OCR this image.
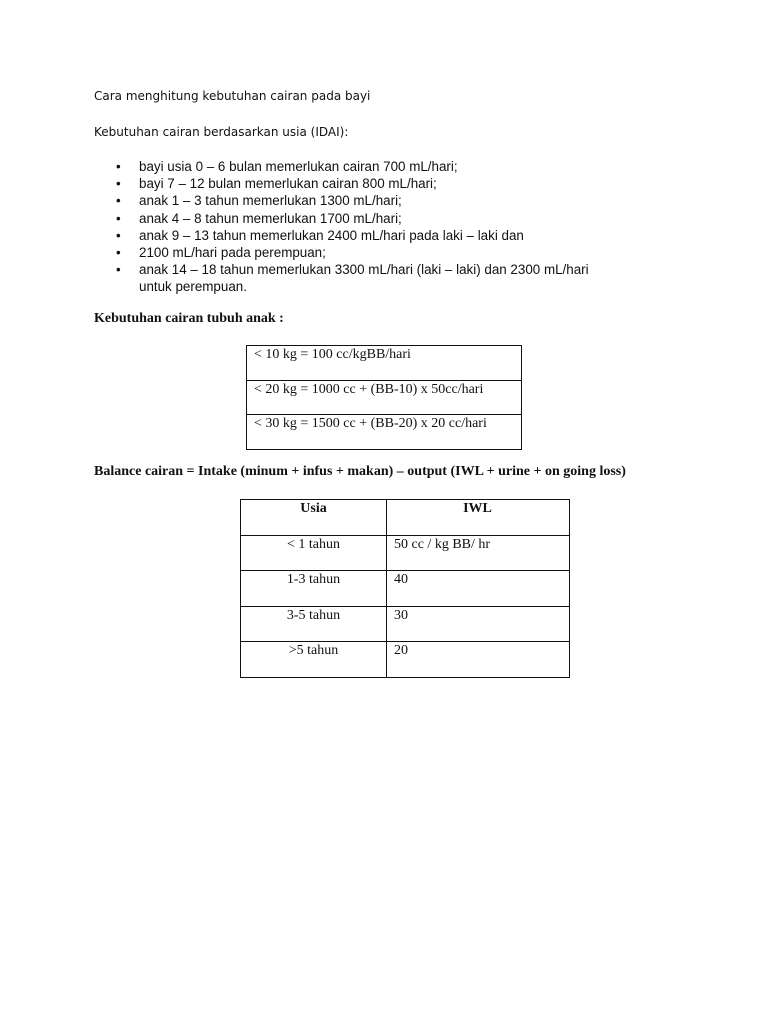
Cara menghitung kebutuhan cairan pada bayi
Kebutuhan cairan berdasarkan usia (IDAI):
• bayi usia 0 – 6 bulan memerlukan cairan 700 mL/hari;
• bayi 7 – 12 bulan memerlukan cairan 800 mL/hari;
• anak 1 – 3 tahun memerlukan 1300 mL/hari;
• anak 4 – 8 tahun memerlukan 1700 mL/hari;
• anak 9 – 13 tahun memerlukan 2400 mL/hari pada laki – laki dan
• 2100 mL/hari pada perempuan;
• anak 14 – 18 tahun memerlukan 3300 mL/hari (laki – laki) dan 2300 mL/hari
untuk perempuan.
Kebutuhan cairan tubuh anak :
< 10 kg = 100 cc/kgBB/hari
< 20 kg = 1000 cc + (BB-10) x 50cc/hari
< 30 kg = 1500 cc + (BB-20) x 20 cc/hari
Balance cairan = Intake (minum + infus + makan) – output (IWL + urine + on going loss)
Usia	IWL
< 1 tahun	50 cc / kg BB/ hr
1-3 tahun	40
3-5 tahun	30
>5 tahun	20
